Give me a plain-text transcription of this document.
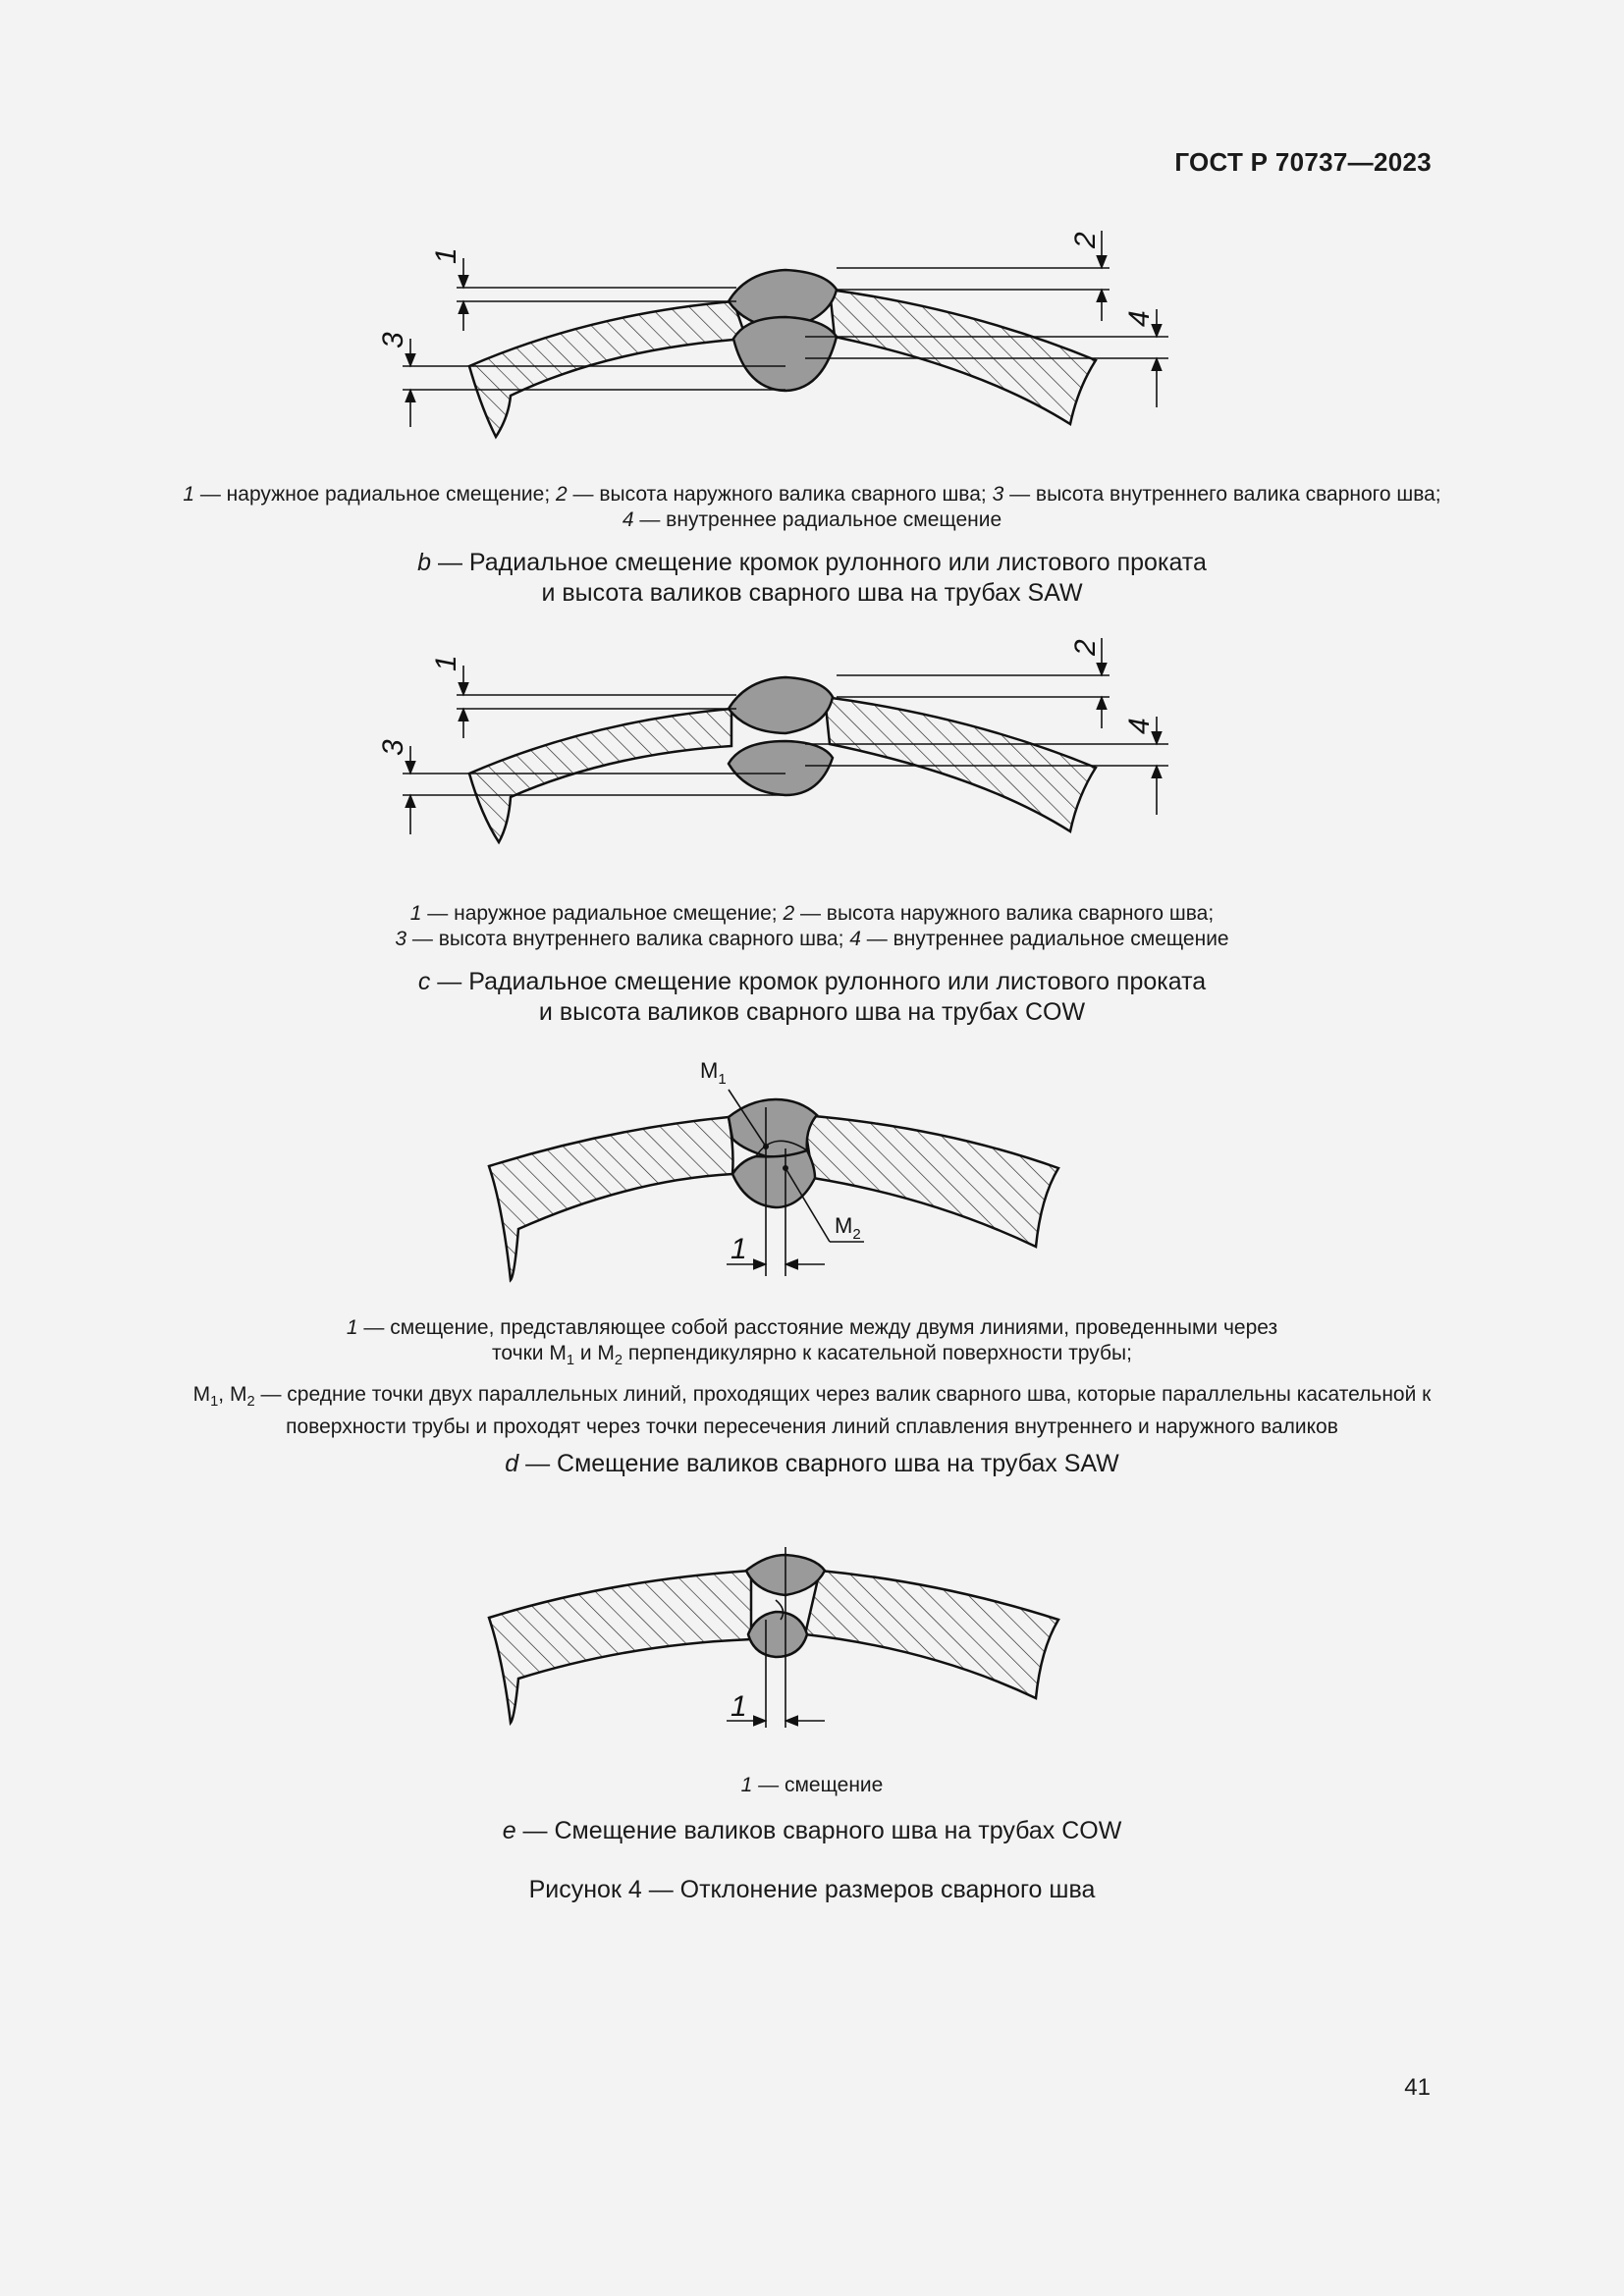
ГОСТ Р 70737—2023
1
2
3
4
1 — наружное радиальное смещение; 2 — высота наружного валика сварного шва; 3 — высота внутреннего валика сварного шва;
4 — внутреннее радиальное смещение
b — Радиальное смещение кромок рулонного или листового проката
и высота валиков сварного шва на трубах SAW
1
2
3
4
1 — наружное радиальное смещение; 2 — высота наружного валика сварного шва;
3 — высота внутреннего валика сварного шва; 4 — внутреннее радиальное смещение
c — Радиальное смещение кромок рулонного или листового проката
и высота валиков сварного шва на трубах COW
$M_1$
$M_2$
1
1 — смещение, представляющее собой расстояние между двумя линиями, проведенными через
точки $M_1$ и $M_2$ перпендикулярно к касательной поверхности трубы;
$M_1$, $M_2$ — средние точки двух параллельных линий, проходящих через валик сварного шва, которые параллельны касательной к
поверхности трубы и проходят через точки пересечения линий сплавления внутреннего и наружного валиков
d — Смещение валиков сварного шва на трубах SAW
1
1 — смещение
e — Смещение валиков сварного шва на трубах COW
Рисунок 4 — Отклонение размеров сварного шва
41
